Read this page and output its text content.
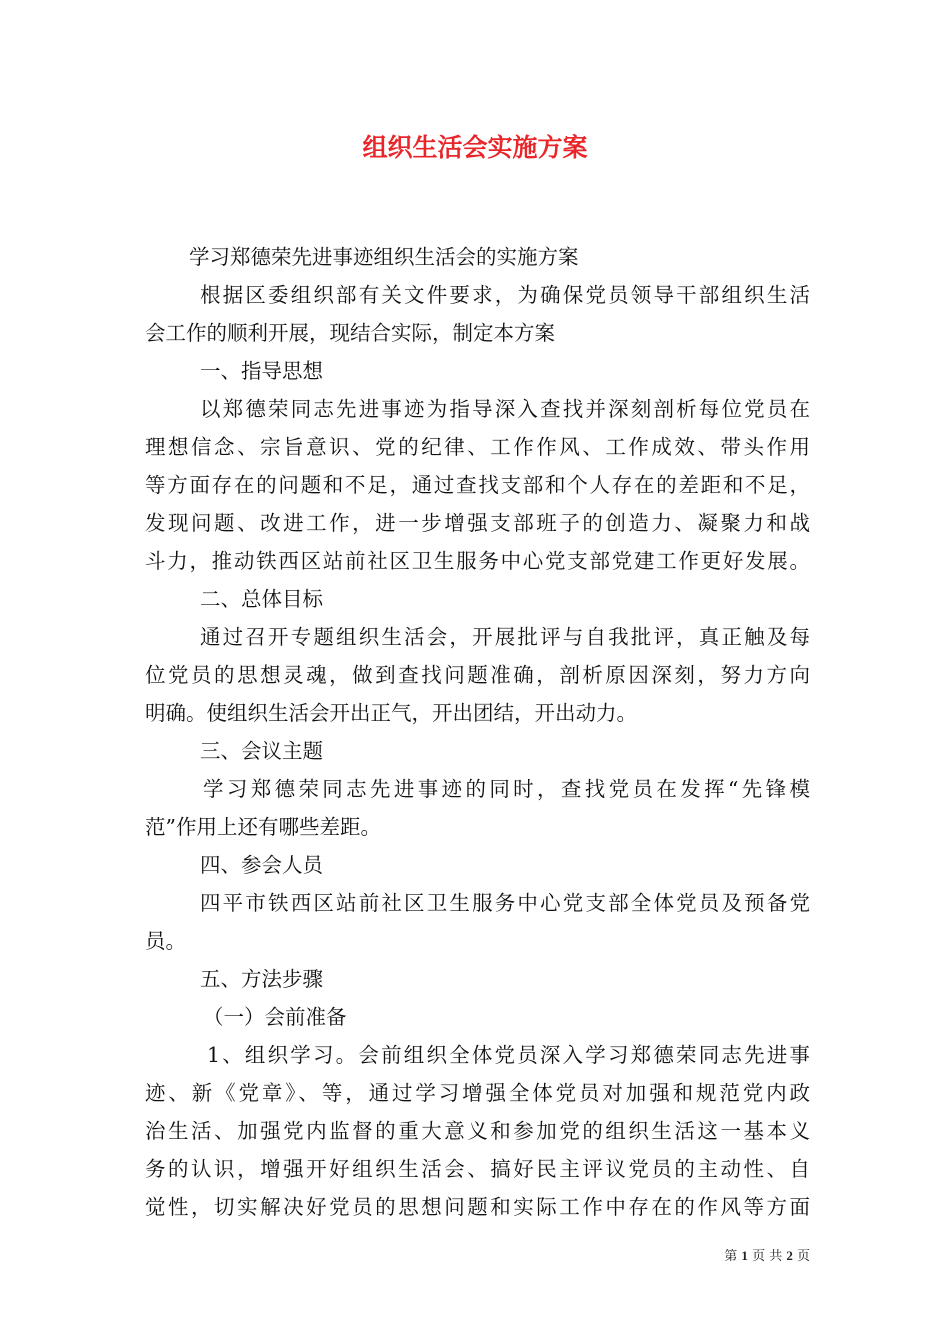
组织生活会实施方案
学习郑德荣先进事迹组织生活会的实施方案
根据区委组织部有关文件要求，为确保党员领导干部组织生活
会工作的顺利开展，现结合实际，制定本方案
一、指导思想
以郑德荣同志先进事迹为指导深入查找并深刻剖析每位党员在
理想信念、宗旨意识、党的纪律、工作作风、工作成效、带头作用
等方面存在的问题和不足，通过查找支部和个人存在的差距和不足，
发现问题、改进工作，进一步增强支部班子的创造力、凝聚力和战
斗力，推动铁西区站前社区卫生服务中心党支部党建工作更好发展。
二、总体目标
通过召开专题组织生活会，开展批评与自我批评，真正触及每
位党员的思想灵魂，做到查找问题准确，剖析原因深刻，努力方向
明确。使组织生活会开出正气，开出团结，开出动力。
三、会议主题
学习郑德荣同志先进事迹的同时，查找党员在发挥“先锋模
范”作用上还有哪些差距。
四、参会人员
四平市铁西区站前社区卫生服务中心党支部全体党员及预备党
员。
五、方法步骤
（一）会前准备
1、组织学习。会前组织全体党员深入学习郑德荣同志先进事
迹、新《党章》、等，通过学习增强全体党员对加强和规范党内政
治生活、加强党内监督的重大意义和参加党的组织生活这一基本义
务的认识，增强开好组织生活会、搞好民主评议党员的主动性、自
觉性，切实解决好党员的思想问题和实际工作中存在的作风等方面
第 1 页 共 2 页
